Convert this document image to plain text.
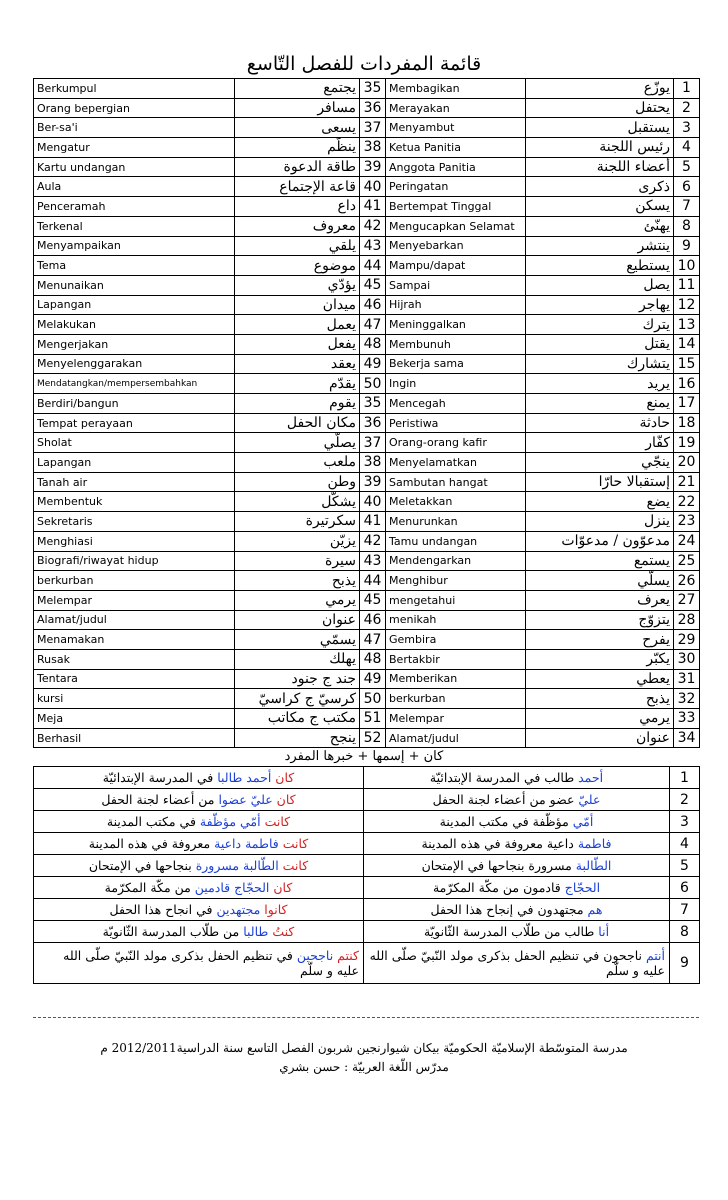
قائمة المفردات للفصل التّاسع
Berkumpul	يجتمع	35	Membagikan	يوزّع	1
Orang bepergian	مسافر	36	Merayakan	يحتفل	2
Ber-sa'i	يسعى	37	Menyambut	يستقبل	3
Mengatur	ينظّم	38	Ketua Panitia	رئيس اللجنة	4
Kartu undangan	طاقة الدعوة	39	Anggota Panitia	أعضاء اللجنة	5
Aula	قاعة الإجتماع	40	Peringatan	ذكرى	6
Penceramah	داع	41	Bertempat Tinggal	يسكن	7
Terkenal	معروف	42	Mengucapkan Selamat	يهنّئ	8
Menyampaikan	يلقي	43	Menyebarkan	ينتشر	9
Tema	موضوع	44	Mampu/dapat	يستطيع	10
Menunaikan	يؤدّي	45	Sampai	يصل	11
Lapangan	ميدان	46	Hijrah	يهاجر	12
Melakukan	يعمل	47	Meninggalkan	يترك	13
Mengerjakan	يفعل	48	Membunuh	يقتل	14
Menyelenggarakan	يعقد	49	Bekerja sama	يتشارك	15
Mendatangkan/mempersembahkan	يقدّم	50	Ingin	يريد	16
Berdiri/bangun	يقوم	35	Mencegah	يمنع	17
Tempat perayaan	مكان الحفل	36	Peristiwa	حادثة	18
Sholat	يصلّي	37	Orang-orang kafir	كفّار	19
Lapangan	ملعب	38	Menyelamatkan	ينجّي	20
Tanah air	وطن	39	Sambutan hangat	إستقبالا حارّا	21
Membentuk	يشكّل	40	Meletakkan	يضع	22
Sekretaris	سكرتيرة	41	Menurunkan	ينزل	23
Menghiasi	يزيّن	42	Tamu undangan	مدعوّون / مدعوّات	24
Biografi/riwayat hidup	سيرة	43	Mendengarkan	يستمع	25
berkurban	يذبح	44	Menghibur	يسلّي	26
Melempar	يرمي	45	mengetahui	يعرف	27
Alamat/judul	عنوان	46	menikah	يتزوّج	28
Menamakan	يسمّي	47	Gembira	يفرح	29
Rusak	يهلك	48	Bertakbir	يكبّر	30
Tentara	جند ج جنود	49	Memberikan	يعطي	31
kursi	كرسيّ ج كراسيّ	50	berkurban	يذبح	32
Meja	مكتب ج مكاتب	51	Melempar	يرمي	33
Berhasil	ينجح	52	Alamat/judul	عنوان	34
كان + إسمها + خبرها المفرد
كان أحمد طالبا في المدرسة الإبتدائيّة	أحمد طالب في المدرسة الإبتدائيّة	1
كان عليّ عضوا من أعضاء لجنة الحفل	عليّ عضو من أعضاء لجنة الحفل	2
كانت أمّي مؤظّفة في مكتب المدينة	أمّي مؤظّفة في مكتب المدينة	3
كانت فاطمة داعية معروفة في هذه المدينة	فاطمة داعية معروفة في هذه المدينة	4
كانت الطّالبة مسرورة بنجاحها في الإمتحان	الطّالبة مسرورة بنجاحها في الإمتحان	5
كان الحجّاج قادمين من مكّة المكرّمة	الحجّاج قادمون من مكّة المكرّمة	6
كانوا مجتهدين في انجاح هذا الحفل	هم مجتهدون في إنجاح هذا الحفل	7
كنتُ طالبا من طلّاب المدرسة الثّانويّة	أنا طالب من طلّاب المدرسة الثّانويّة	8
كنتم ناجحين في تنظيم الحفل بذكرى مولد النّبيّ صلّى الله عليه و سلّم	أنتم ناجحون في تنظيم الحفل بذكرى مولد النّبيّ صلّى الله عليه و سلّم	9
مدرسة المتوسّطة الإسلاميّة الحكوميّة بيكان شيوارنجين شربون الفصل التاسع سنة الدراسية2012/2011 م
مدرّس اللّغة العربيّة : حسن بشري
